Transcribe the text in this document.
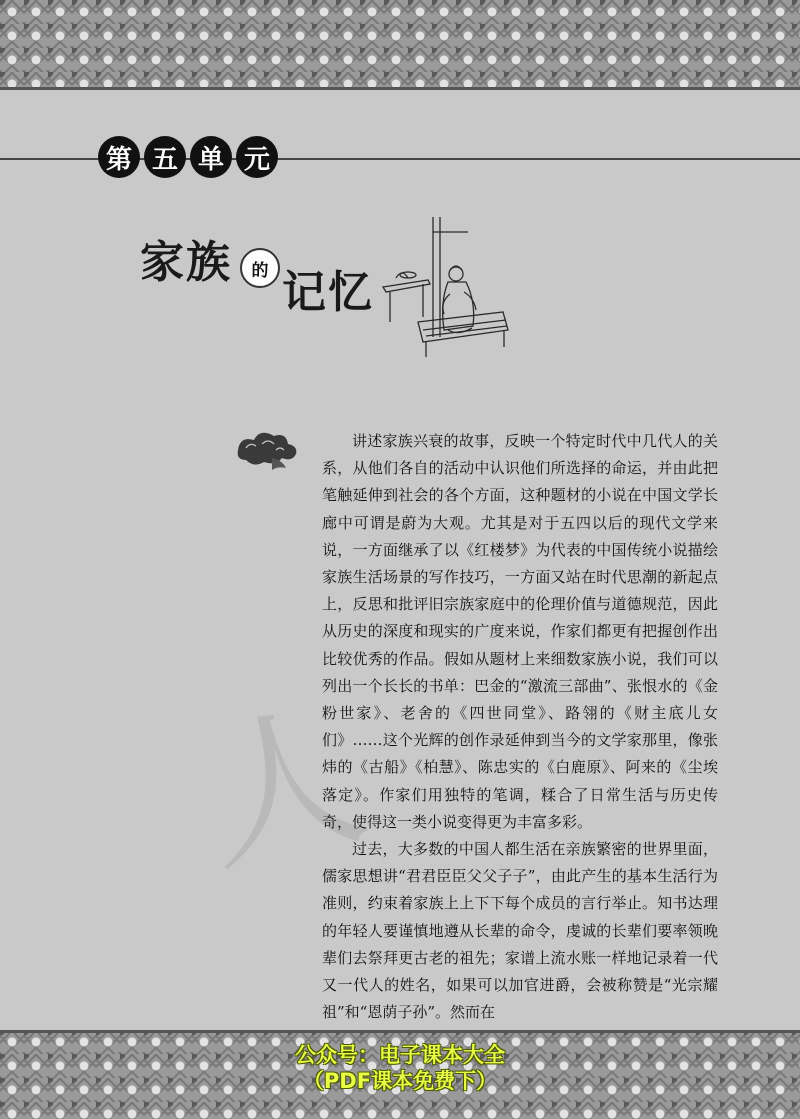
第 五 单 元
家族	的 记忆
人

讲述家族兴衰的故事，反映一个特定时代中几代人的关系，从他们各自的活动中认识他们所选择的命运，并由此把笔触延伸到社会的各个方面，这种题材的小说在中国文学长廊中可谓是蔚为大观。尤其是对于五四以后的现代文学来说，一方面继承了以《红楼梦》为代表的中国传统小说描绘家族生活场景的写作技巧，一方面又站在时代思潮的新起点上，反思和批评旧宗族家庭中的伦理价值与道德规范，因此从历史的深度和现实的广度来说，作家们都更有把握创作出比较优秀的作品。假如从题材上来细数家族小说，我们可以列出一个长长的书单：巴金的“激流三部曲”、张恨水的《金粉世家》、老舍的《四世同堂》、路翎的《财主底儿女们》……这个光辉的创作录延伸到当今的文学家那里，像张炜的《古船》《柏慧》、陈忠实的《白鹿原》、阿来的《尘埃落定》。作家们用独特的笔调，糅合了日常生活与历史传奇，使得这一类小说变得更为丰富多彩。

过去，大多数的中国人都生活在亲族繁密的世界里面，儒家思想讲“君君臣臣父父子子”，由此产生的基本生活行为准则，约束着家族上上下下每个成员的言行举止。知书达理的年轻人要谨慎地遵从长辈的命令，虔诚的长辈们要率领晚辈们去祭拜更古老的祖先；家谱上流水账一样地记录着一代又一代人的姓名，如果可以加官进爵，会被称赞是“光宗耀祖”和“恩荫子孙”。然而在

公众号：电子课本大全
（PDF课本免费下）
